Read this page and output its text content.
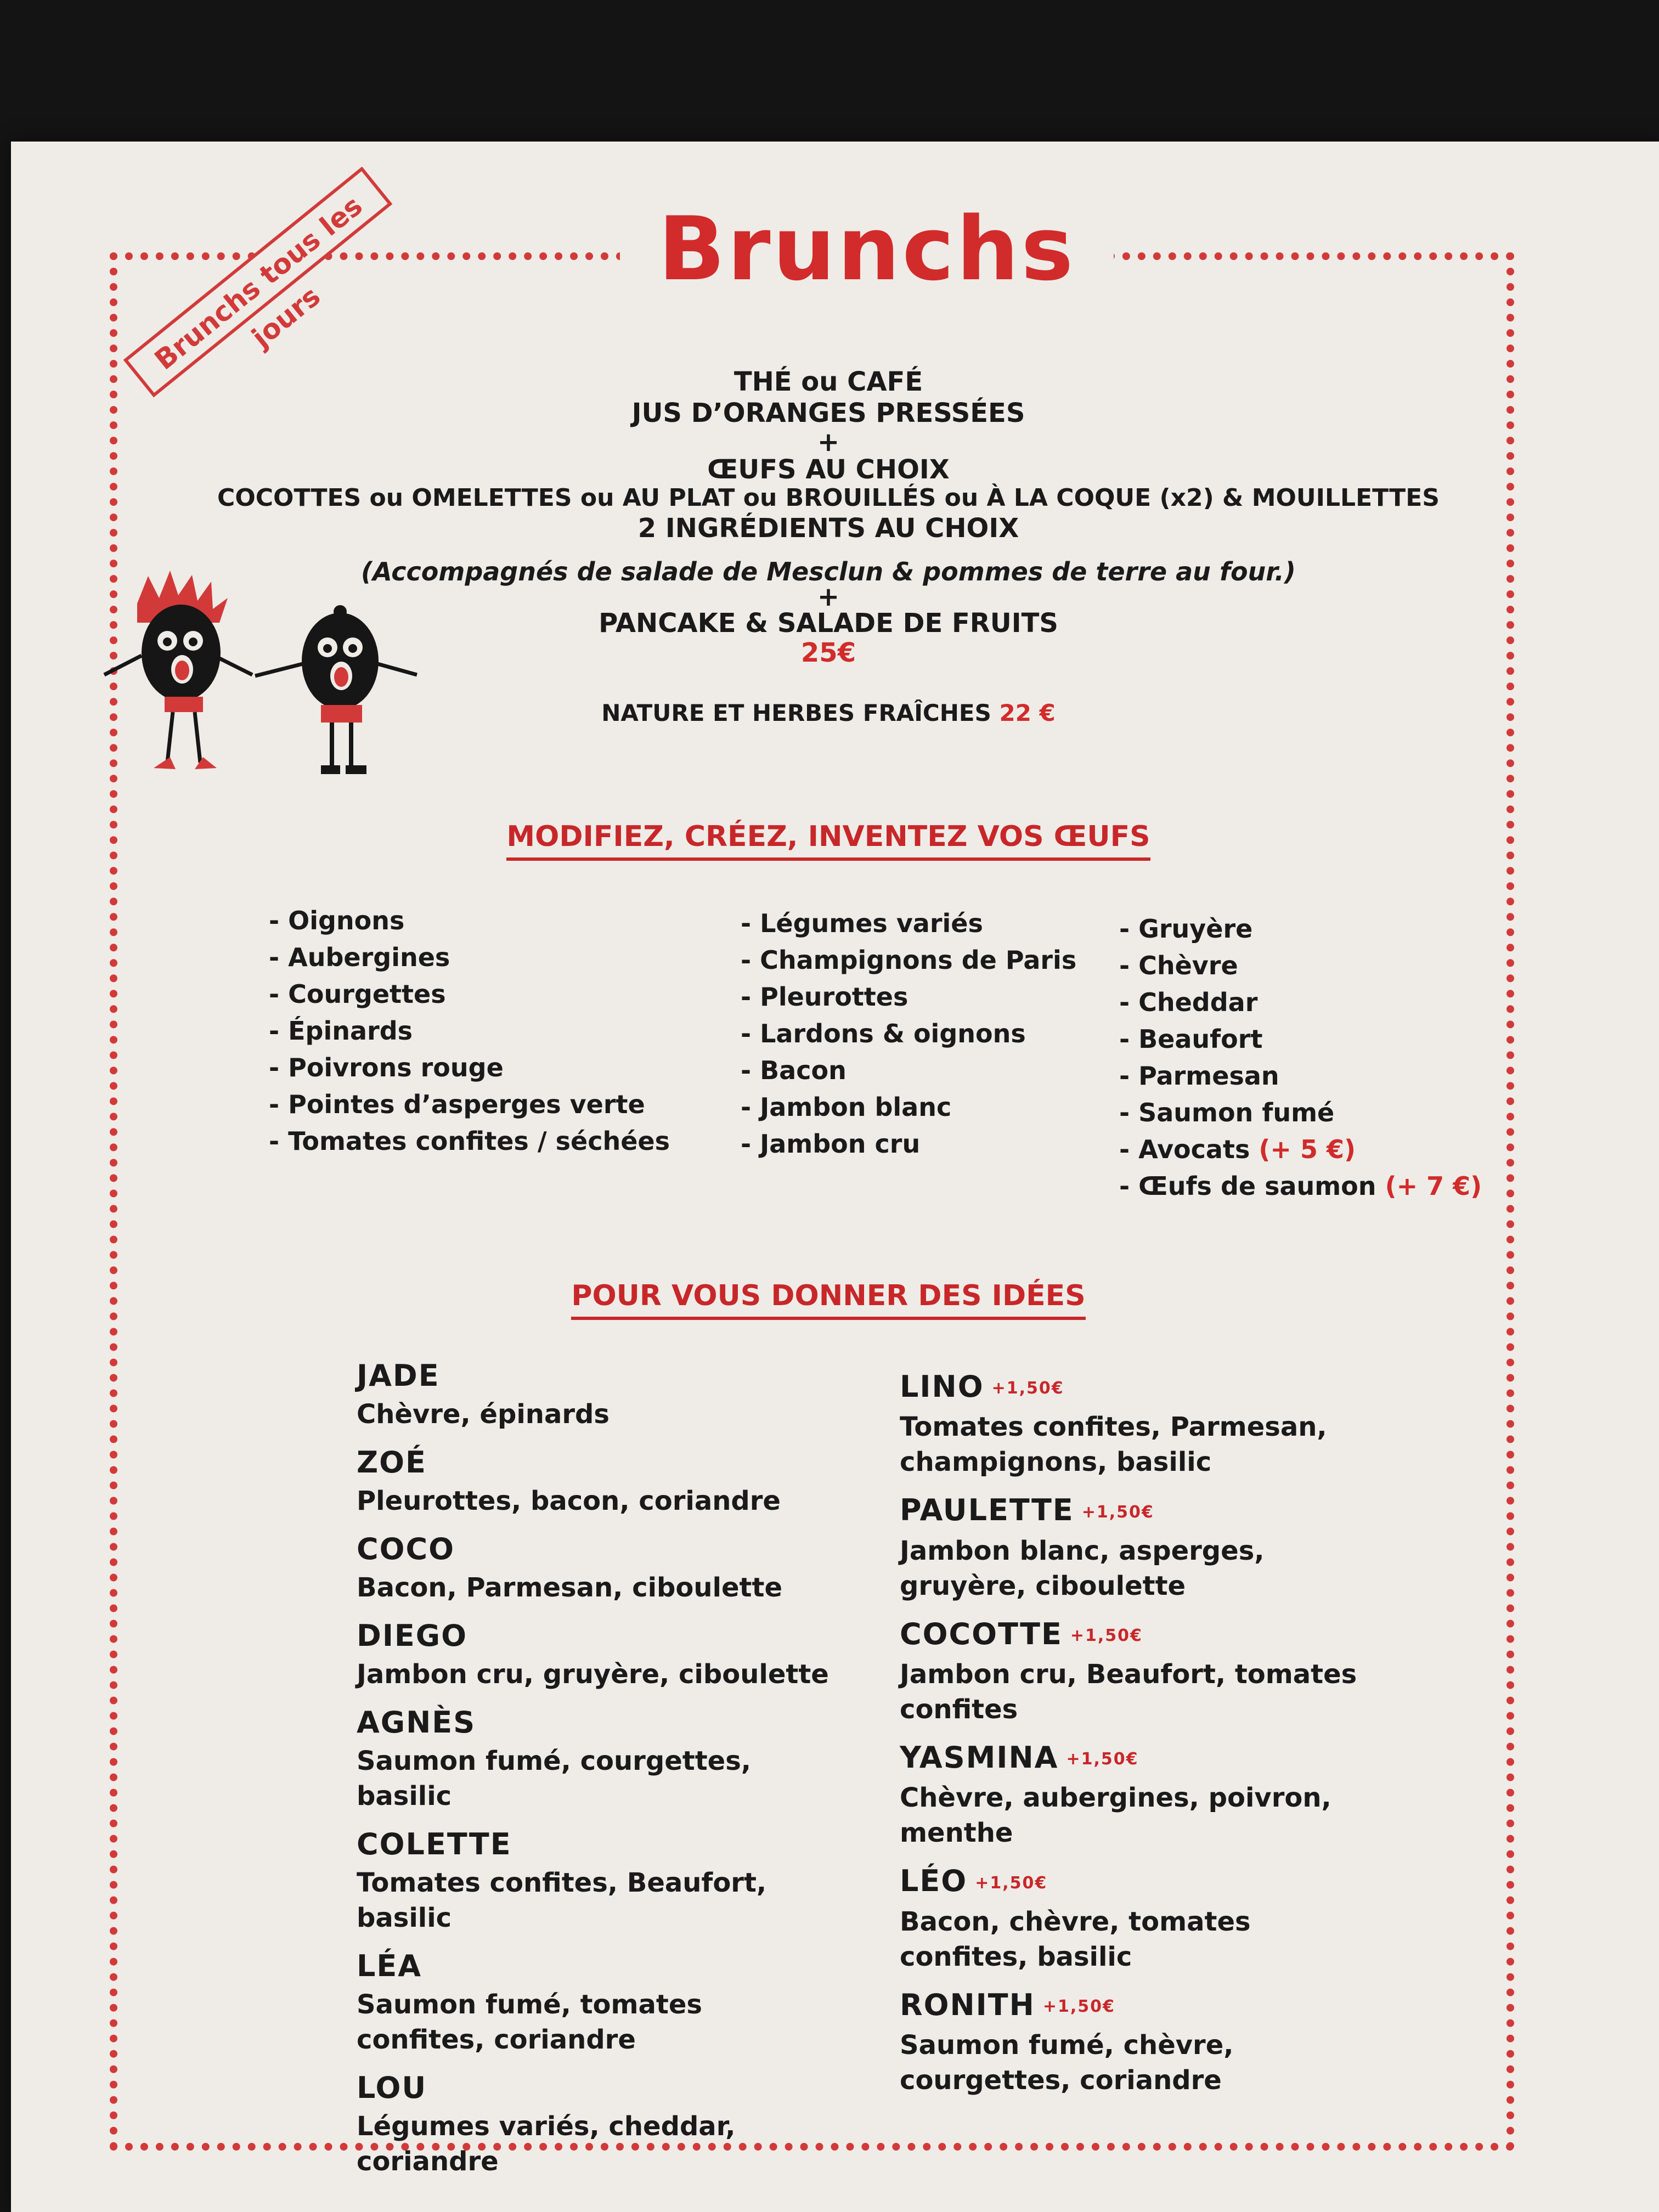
Brunchs
Brunchs tous les jours
THÉ ou CAFÉ
JUS D’ORANGES PRESSÉES
+
ŒUFS AU CHOIX
COCOTTES ou OMELETTES ou AU PLAT ou BROUILLÉS ou À LA COQUE (x2) & MOUILLETTES
2 INGRÉDIENTS AU CHOIX
(Accompagnés de salade de Mesclun & pommes de terre au four.)
+
PANCAKE & SALADE DE FRUITS
25€
NATURE ET HERBES FRAÎCHES 22 €
MODIFIEZ, CRÉEZ, INVENTEZ VOS ŒUFS
- Oignons
- Aubergines
- Courgettes
- Épinards
- Poivrons rouge
- Pointes d’asperges verte
- Tomates confites / séchées
- Légumes variés
- Champignons de Paris
- Pleurottes
- Lardons & oignons
- Bacon
- Jambon blanc
- Jambon cru
- Gruyère
- Chèvre
- Cheddar
- Beaufort
- Parmesan
- Saumon fumé
- Avocats (+ 5 €)
- Œufs de saumon (+ 7 €)
POUR VOUS DONNER DES IDÉES
JADE
Chèvre, épinards
ZOÉ
Pleurottes, bacon, coriandre
COCO
Bacon, Parmesan, ciboulette
DIEGO
Jambon cru, gruyère, ciboulette
AGNÈS
Saumon fumé, courgettes, basilic
COLETTE
Tomates confites, Beaufort, basilic
LÉA
Saumon fumé, tomates confites, coriandre
LOU
Légumes variés, cheddar, coriandre
LINO +1,50€
Tomates confites, Parmesan, champignons, basilic
PAULETTE +1,50€
Jambon blanc, asperges, gruyère, ciboulette
COCOTTE +1,50€
Jambon cru, Beaufort, tomates confites
YASMINA +1,50€
Chèvre, aubergines, poivron, menthe
LÉO +1,50€
Bacon, chèvre, tomates confites, basilic
RONITH +1,50€
Saumon fumé, chèvre, courgettes, coriandre
